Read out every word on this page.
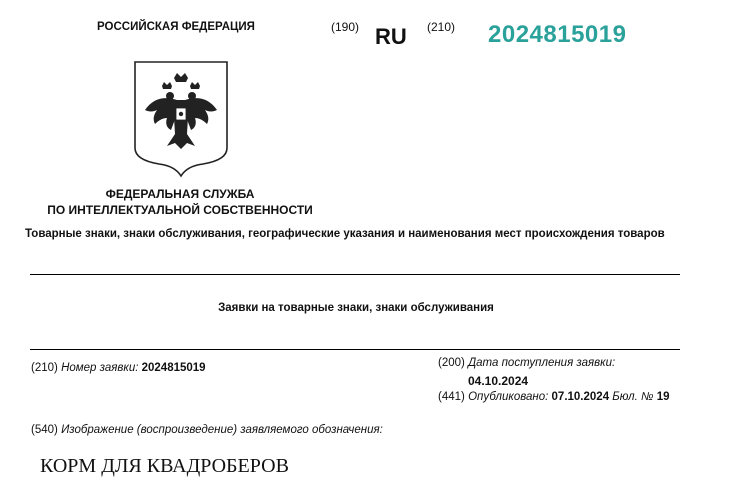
РОССИЙСКАЯ ФЕДЕРАЦИЯ	(190) RU (210) 2024815019
ФЕДЕРАЛЬНАЯ СЛУЖБА
ПО ИНТЕЛЛЕКТУАЛЬНОЙ СОБСТВЕННОСТИ
Товарные знаки, знаки обслуживания, географические указания и наименования мест происхождения товаров
Заявки на товарные знаки, знаки обслуживания
(210) Номер заявки: 2024815019	(200) Дата поступления заявки:
04.10.2024
(441) Опубликовано: 07.10.2024 Бюл. № 19
(540) Изображение (воспроизведение) заявляемого обозначения:
КОРМ ДЛЯ КВАДРОБЕРОВ
